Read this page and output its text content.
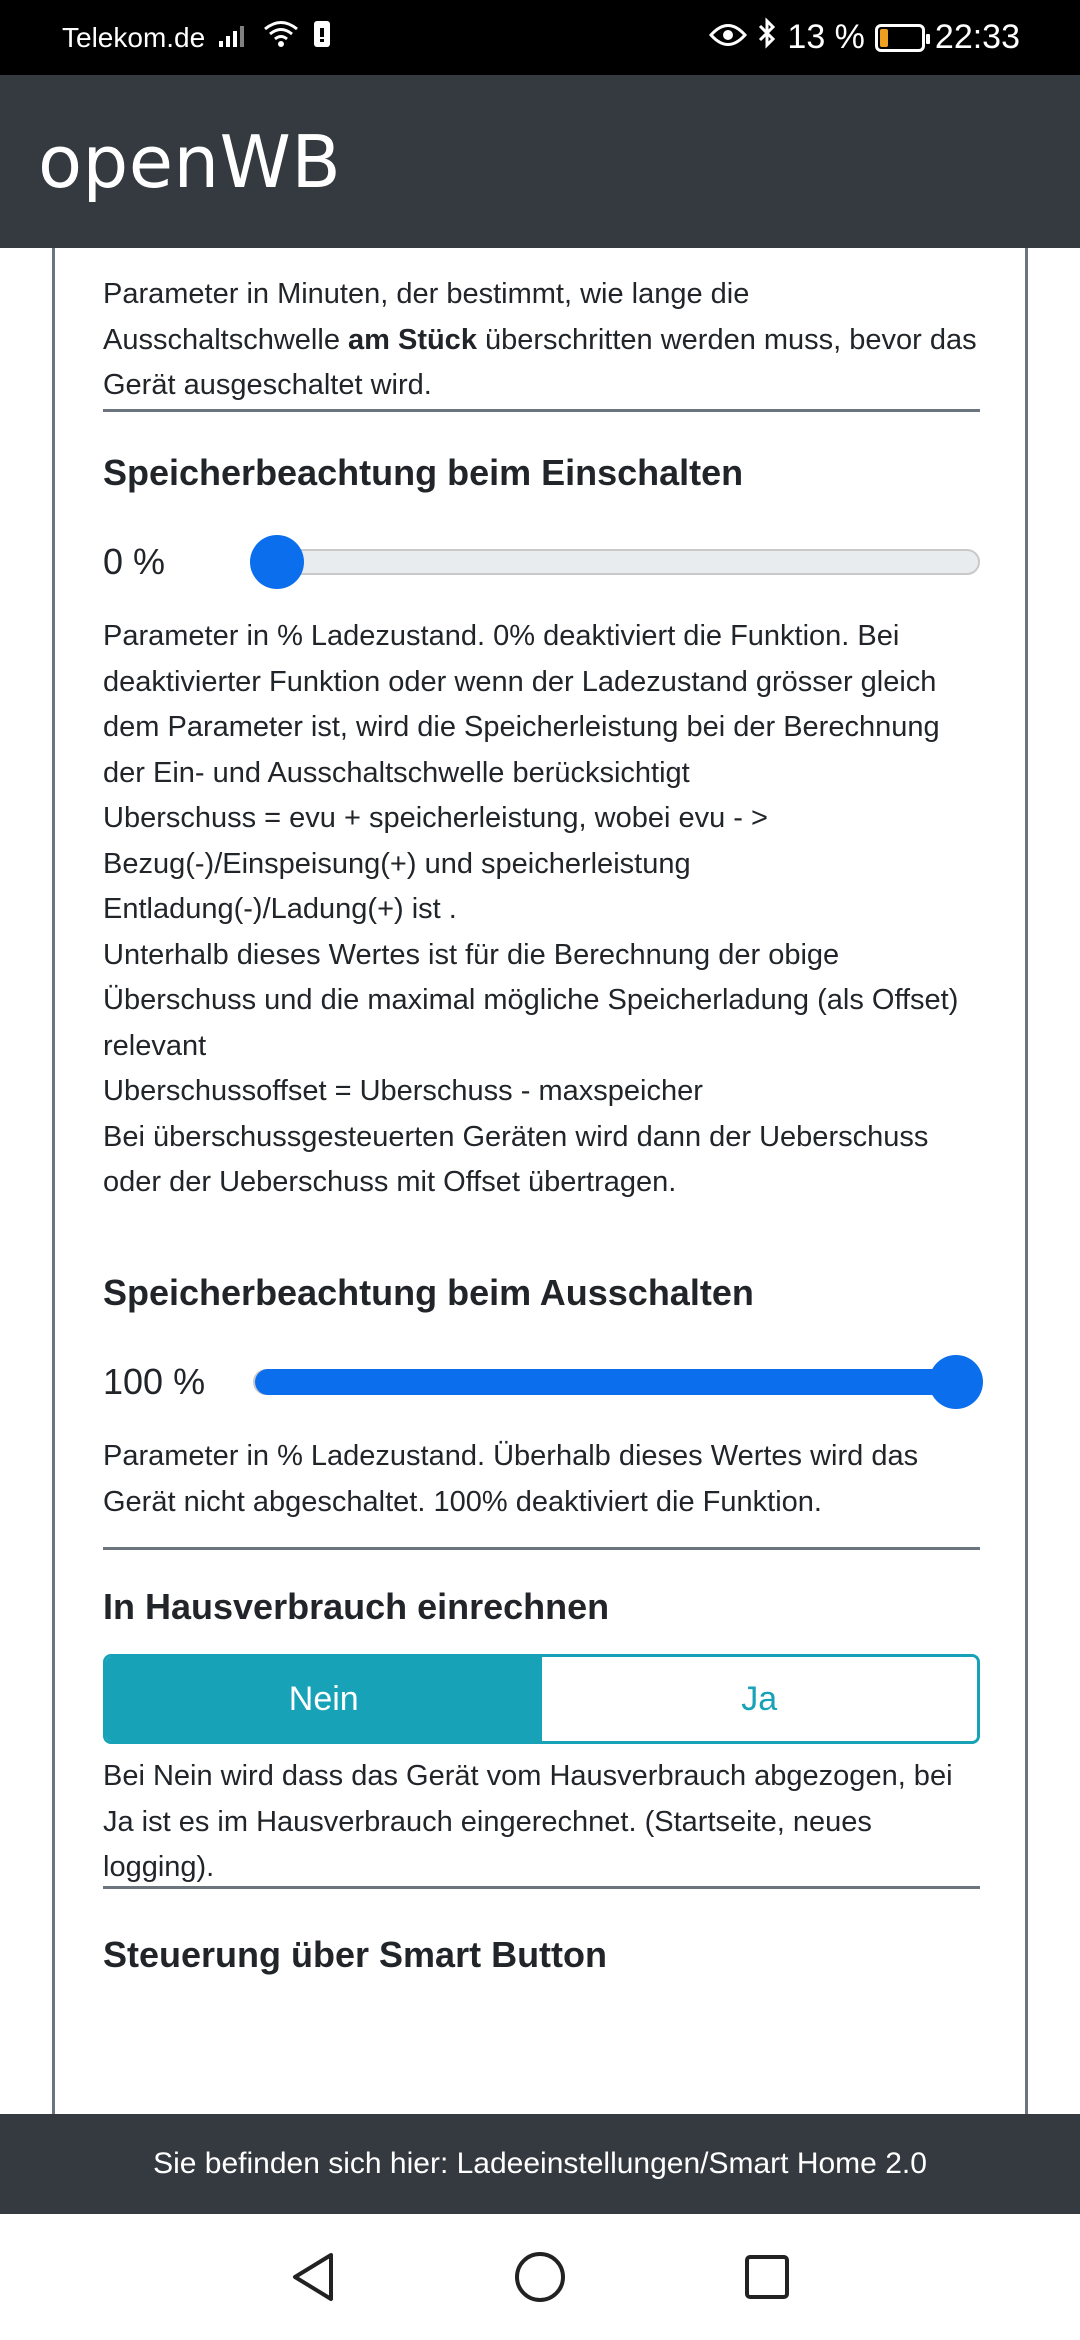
Telekom.de	13 % 22:33
openWB

Parameter in Minuten, der bestimmt, wie lange die Ausschaltschwelle am Stück überschritten werden muss, bevor das Gerät ausgeschaltet wird.

Speicherbeachtung beim Einschalten
0 %

Parameter in % Ladezustand. 0% deaktiviert die Funktion. Bei deaktivierter Funktion oder wenn der Ladezustand grösser gleich dem Parameter ist, wird die Speicherleistung bei der Berechnung der Ein- und Ausschaltschwelle berücksichtigt

Uberschuss = evu + speicherleistung, wobei evu - > Bezug(-)/Einspeisung(+) und speicherleistung Entladung(-)/Ladung(+) ist .

Unterhalb dieses Wertes ist für die Berechnung der obige Überschuss und die maximal mögliche Speicherladung (als Offset) relevant

Uberschussoffset = Uberschuss - maxspeicher

Bei überschussgesteuerten Geräten wird dann der Ueberschuss oder der Ueberschuss mit Offset übertragen.

Speicherbeachtung beim Ausschalten
100 %

Parameter in % Ladezustand. Überhalb dieses Wertes wird das Gerät nicht abgeschaltet. 100% deaktiviert die Funktion.

In Hausverbrauch einrechnen
Nein	Ja

Bei Nein wird dass das Gerät vom Hausverbrauch abgezogen, bei Ja ist es im Hausverbrauch eingerechnet. (Startseite, neues logging).

Steuerung über Smart Button
Sie befinden sich hier: Ladeeinstellungen/Smart Home 2.0
